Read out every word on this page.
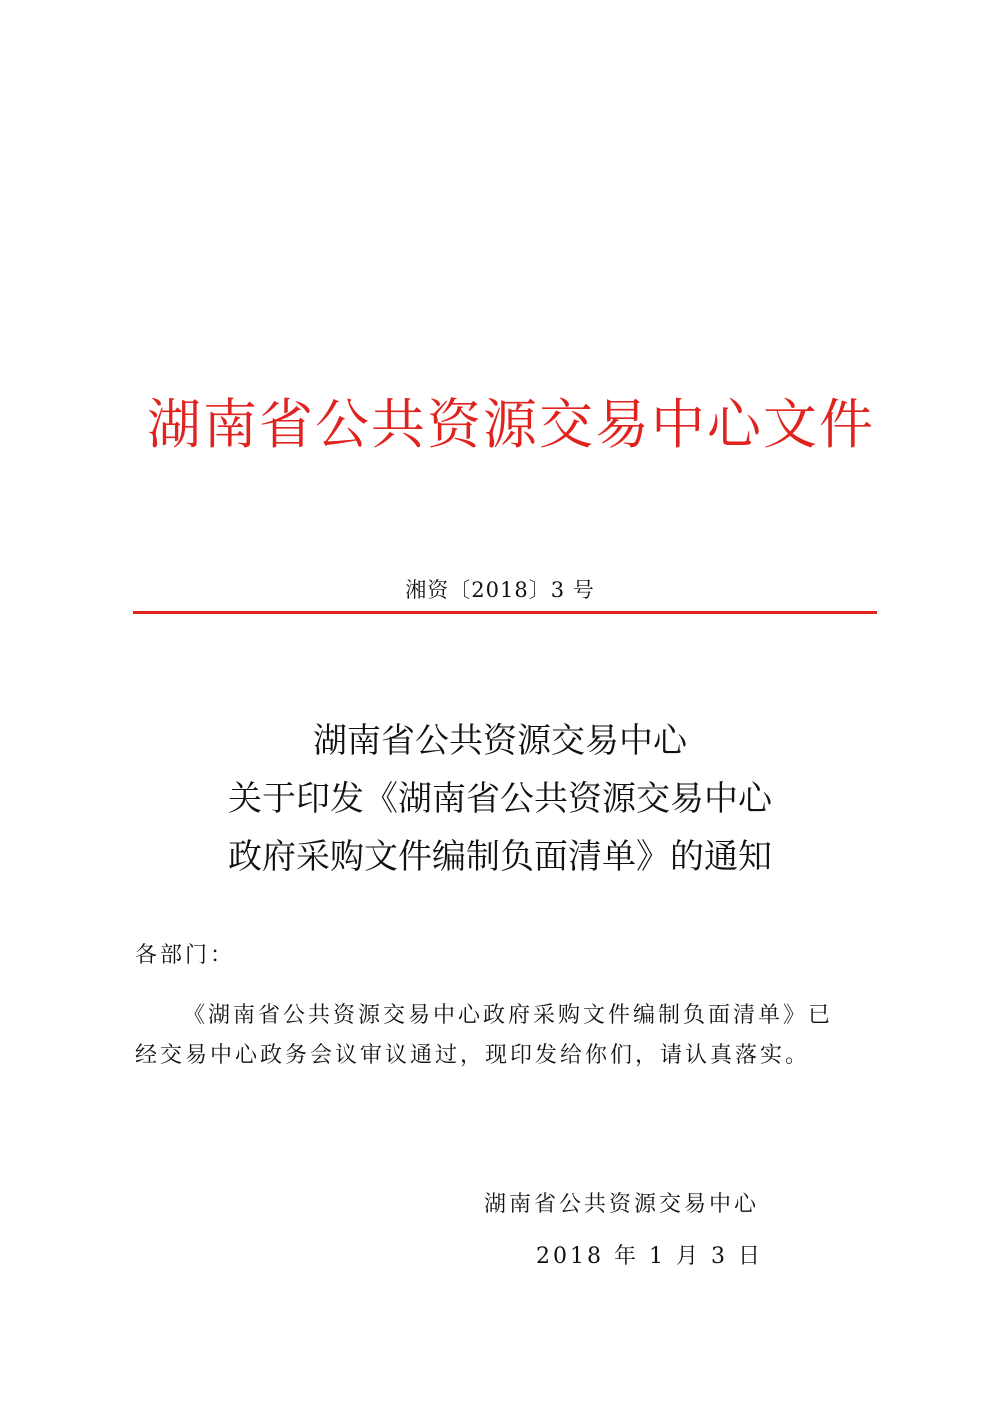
湖南省公共资源交易中心文件
湘资〔2018〕3 号
湖南省公共资源交易中心
关于印发《湖南省公共资源交易中心
政府采购文件编制负面清单》的通知
各部门：
《湖南省公共资源交易中心政府采购文件编制负面清单》已
经交易中心政务会议审议通过，现印发给你们，请认真落实。
湖南省公共资源交易中心
2018 年 1 月 3 日
